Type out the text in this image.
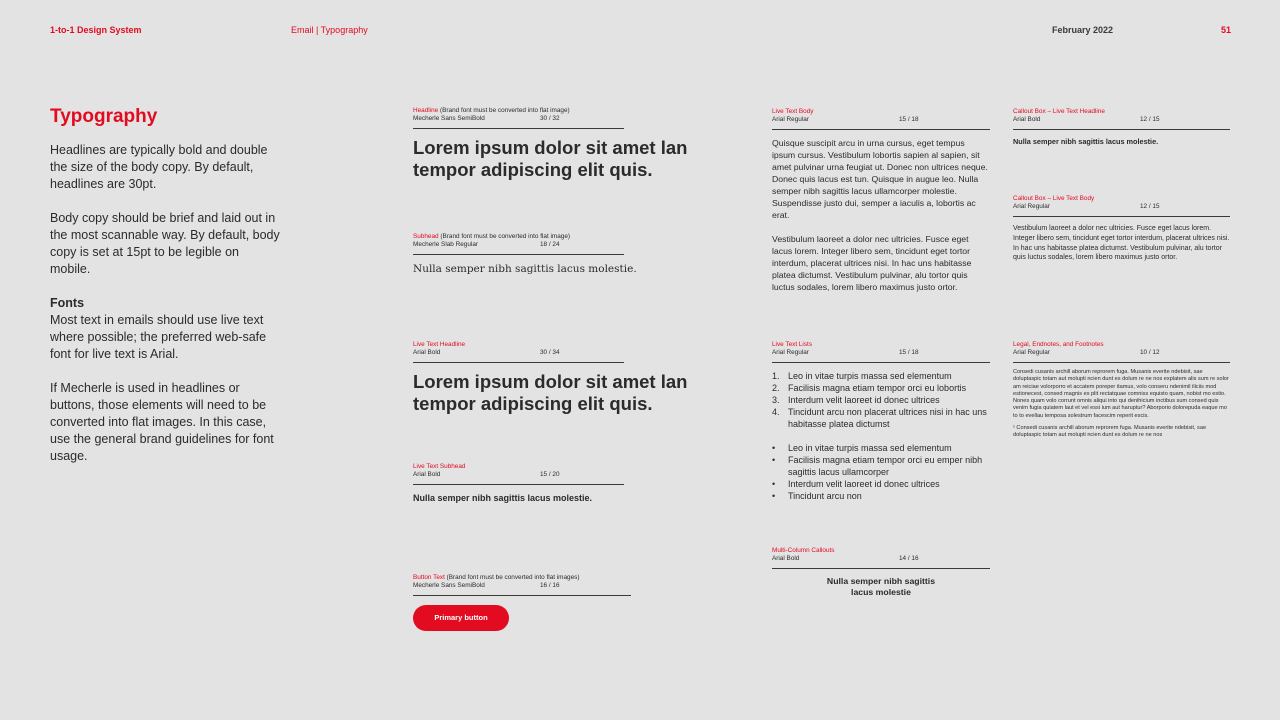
1-to-1 Design System	Email | Typography	February 2022	51
Typography

Headlines are typically bold and double the size of the body copy. By default, headlines are 30pt.

Body copy should be brief and laid out in the most scannable way. By default, body copy is set at 15pt to be legible on mobile.

Fonts

Most text in emails should use live text where possible; the preferred web-safe font for live text is Arial.

If Mecherle is used in headlines or buttons, those elements will need to be converted into flat images. In this case, use the general brand guidelines for font usage.

Headline (Brand font must be converted into flat image)
Mecherle Sans SemiBold	30 / 32
Lorem ipsum dolor sit amet lan tempor adipiscing elit quis.
Subhead (Brand font must be converted into flat image)
Mecherle Slab Regular	18 / 24
Nulla semper nibh sagittis lacus molestie.
Live Text Headline
Arial Bold	30 / 34
Lorem ipsum dolor sit amet lan tempor adipiscing elit quis.
Live Text Subhead
Arial Bold	15 / 20
Nulla semper nibh sagittis lacus molestie.
Button Text (Brand font must be converted into flat images)
Mecherle Sans SemiBold	16 / 16
Primary button
Live Text Body
Arial Regular	15 / 18
Quisque suscipit arcu in urna cursus, eget tempus ipsum cursus. Vestibulum lobortis sapien al sapien, sit amet pulvinar urna feugiat ut. Donec non ultrices neque. Donec quis lacus est tun. Quisque in augue leo. Nulla semper nibh sagittis lacus ullamcorper molestie. Suspendisse justo dui, semper a iaculis a, lobortis ac erat.
Vestibulum laoreet a dolor nec ultricies. Fusce eget lacus lorem. Integer libero sem, tincidunt eget tortor interdum, placerat ultrices nisi. In hac uns habitasse platea dictumst. Vestibulum pulvinar, alu tortor quis luctus sodales, lorem libero maximus justo ortor.
Live Text Lists
Arial Regular	15 / 18
1. Leo in vitae turpis massa sed elementum
2. Facilisis magna etiam tempor orci eu lobortis
3. Interdum velit laoreet id donec ultrices
4. Tincidunt arcu non placerat ultrices nisi in hac uns habitasse platea dictumst
•	Leo in vitae turpis massa sed elementum
•	Facilisis magna etiam tempor orci eu emper nibh sagittis lacus ullamcorper
•	Interdum velit laoreet id donec ultrices
•	Tincidunt arcu non
Multi-Column Callouts
Arial Bold	14 / 16
Nulla semper nibh sagittis lacus molestie
Callout Box – Live Text Headline
Arial Bold	12 / 15
Nulla semper nibh sagittis lacus molestie.
Callout Box – Live Text Body
Arial Regular	12 / 15
Vestibulum laoreet a dolor nec ultricies. Fusce eget lacus lorem. Integer libero sem, tincidunt eget tortor interdum, placerat ultrices nisi. In hac uns habitasse platea dictumst. Vestibulum pulvinar, alu tortor quis luctus sodales, lorem libero maximus justo ortor.
Legal, Endnotes, and Footnotes
Arial Regular	10 / 12
Consedi cusanis archill aborum reprorem fuga. Musanis everite ndebisit, sae doluptaspic totam aut molupti ncien dunt es dolum re ne nos explatem alis sum re solor am reiciae volorporro et accatem poreper itamus, volo conseru ndenimil iliciis mod estionecest, consed magnis es plit rectatquae comniss equisto quam, nobist mo estio. Nones quam volo corrunt omnis aliqui into qui denihicium inctibus sum consed quis venim fugia quiatem laut et vel essi ium aut haruptur? Aborporio dolorepuda eaque mo to to evellau temposa solestrum facescim reperit escis.
¹ Consedi cusanis archill aborum reprorem fuga. Musanis everite ndebisit, sae doluptaspic totam aut molupti ncien dunt es dolum re ne nos
